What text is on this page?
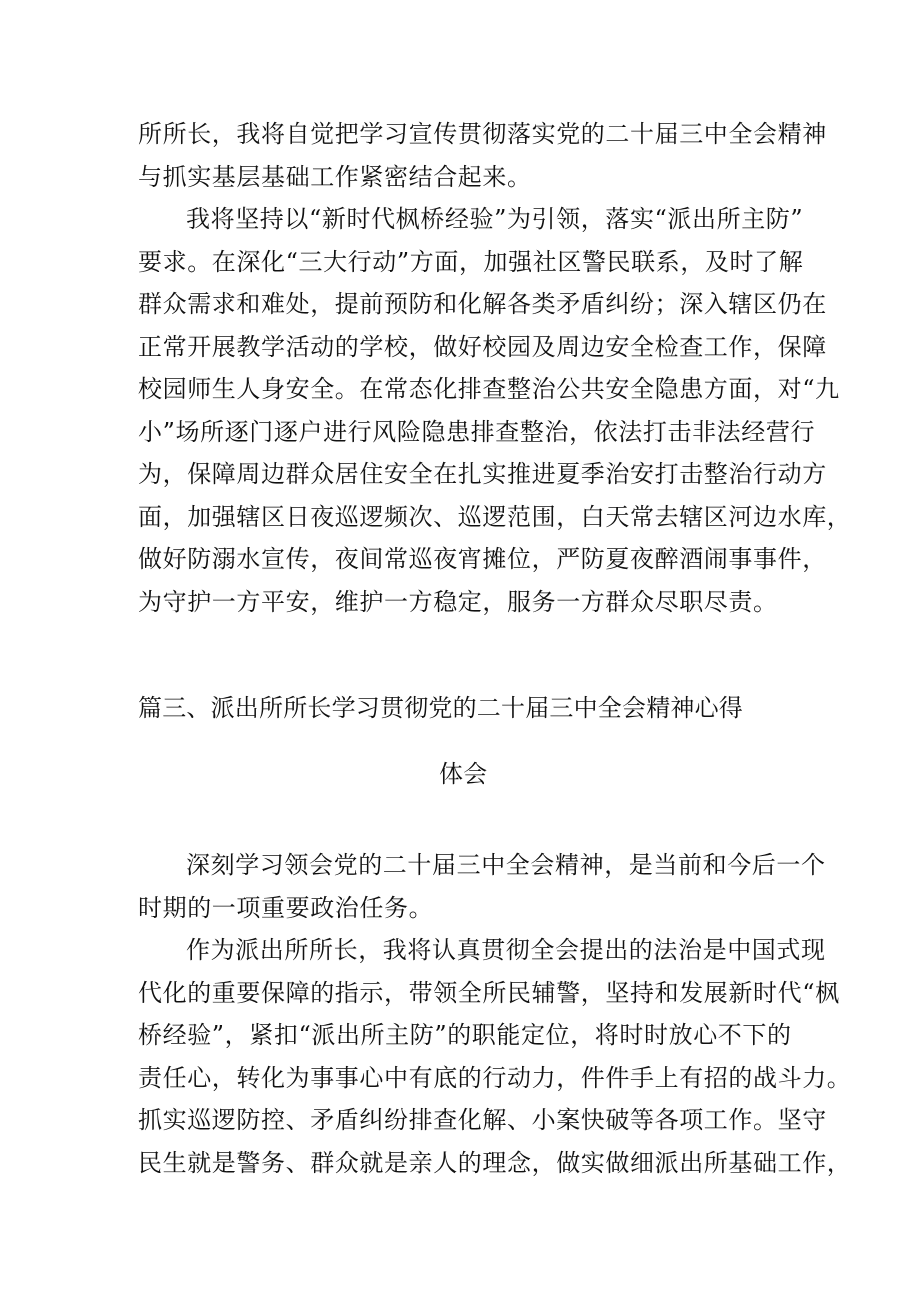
所所长，我将自觉把学习宣传贯彻落实党的二十届三中全会精神
与抓实基层基础工作紧密结合起来。
我将坚持以“新时代枫桥经验”为引领，落实“派出所主防”
要求。在深化“三大行动”方面，加强社区警民联系，及时了解
群众需求和难处，提前预防和化解各类矛盾纠纷；深入辖区仍在
正常开展教学活动的学校，做好校园及周边安全检查工作，保障
校园师生人身安全。在常态化排查整治公共安全隐患方面，对“九
小”场所逐门逐户进行风险隐患排查整治，依法打击非法经营行
为，保障周边群众居住安全在扎实推进夏季治安打击整治行动方
面，加强辖区日夜巡逻频次、巡逻范围，白天常去辖区河边水库，
做好防溺水宣传，夜间常巡夜宵摊位，严防夏夜醉酒闹事事件，
为守护一方平安，维护一方稳定，服务一方群众尽职尽责。
篇三、派出所所长学习贯彻党的二十届三中全会精神心得
体会
深刻学习领会党的二十届三中全会精神，是当前和今后一个
时期的一项重要政治任务。
作为派出所所长，我将认真贯彻全会提出的法治是中国式现
代化的重要保障的指示，带领全所民辅警，坚持和发展新时代“枫
桥经验”，紧扣“派出所主防”的职能定位，将时时放心不下的
责任心，转化为事事心中有底的行动力，件件手上有招的战斗力。
抓实巡逻防控、矛盾纠纷排查化解、小案快破等各项工作。坚守
民生就是警务、群众就是亲人的理念，做实做细派出所基础工作，
